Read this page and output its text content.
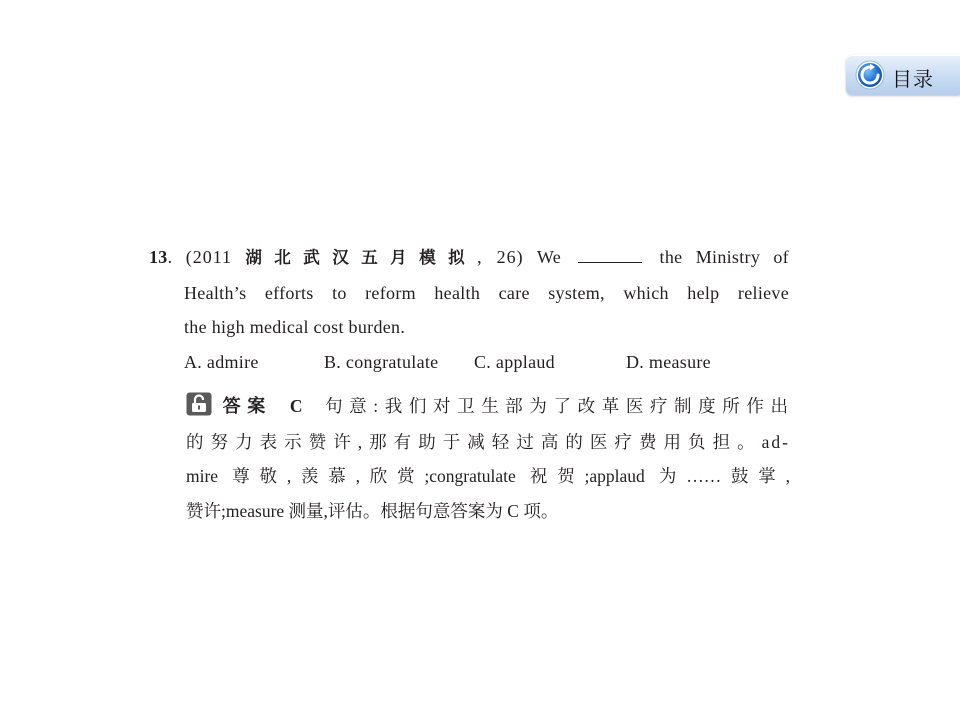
目录
13. (2011 湖北武汉五月模拟, 26) We	the Ministry of
Health’s efforts to reform health care system, which help relieve
the high medical cost burden.
A. admire	B. congratulate C. applaud	D. measure
答案 C 句意:我们对卫生部为了改革医疗制度所作出
的努力表示赞许,那有助于减轻过高的医疗费用负担。ad-
mire 尊敬,羡慕,欣赏;congratulate 祝贺;applaud 为……鼓掌,
赞许;measure 测量,评估。根据句意答案为 C 项。
